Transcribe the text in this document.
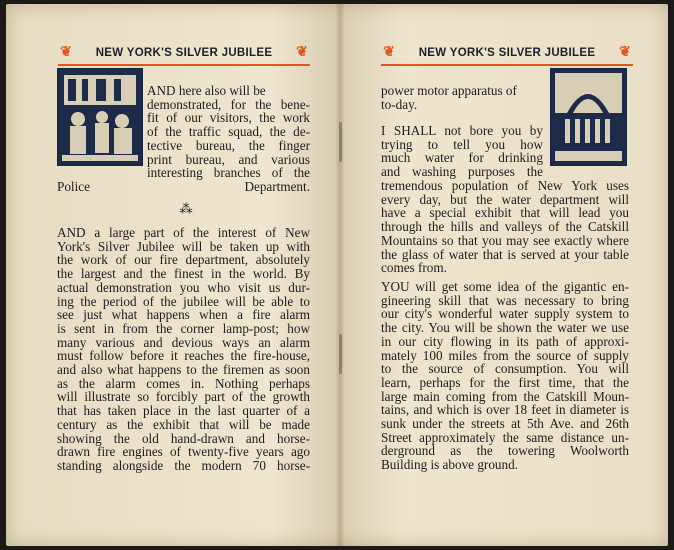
❦	NEW YORK'S SILVER JUBILEE	❦

AND here also will be

demonstrated, for the bene-

fit of our visitors, the work

of the traffic squad, the de-

tective bureau, the finger

print bureau, and various

interesting branches of the

Police Department.

⁂

AND a large part of the interest of New

York's Silver Jubilee will be taken up with

the work of our fire department, absolutely

the largest and the finest in the world. By

actual demonstration you who visit us dur-

ing the period of the jubilee will be able to

see just what happens when a fire alarm

is sent in from the corner lamp-post; how

many various and devious ways an alarm

must follow before it reaches the fire-house,

and also what happens to the firemen as soon

as the alarm comes in. Nothing perhaps

will illustrate so forcibly part of the growth

that has taken place in the last quarter of a

century as the exhibit that will be made

showing the old hand-drawn and horse-

drawn fire engines of twenty-five years ago

standing alongside the modern 70 horse-

❦	NEW YORK'S SILVER JUBILEE	❦

power motor apparatus of

to-day.

I SHALL not bore you by

trying to tell you how

much water for drinking

and washing purposes the

tremendous population of New York uses

every day, but the water department will

have a special exhibit that will lead you

through the hills and valleys of the Catskill

Mountains so that you may see exactly where

the glass of water that is served at your table

comes from.

YOU will get some idea of the gigantic en-

gineering skill that was necessary to bring

our city's wonderful water supply system to

the city. You will be shown the water we use

in our city flowing in its path of approxi-

mately 100 miles from the source of supply

to the source of consumption. You will

learn, perhaps for the first time, that the

large main coming from the Catskill Moun-

tains, and which is over 18 feet in diameter is

sunk under the streets at 5th Ave. and 26th

Street approximately the same distance un-

derground as the towering Woolworth

Building is above ground.
